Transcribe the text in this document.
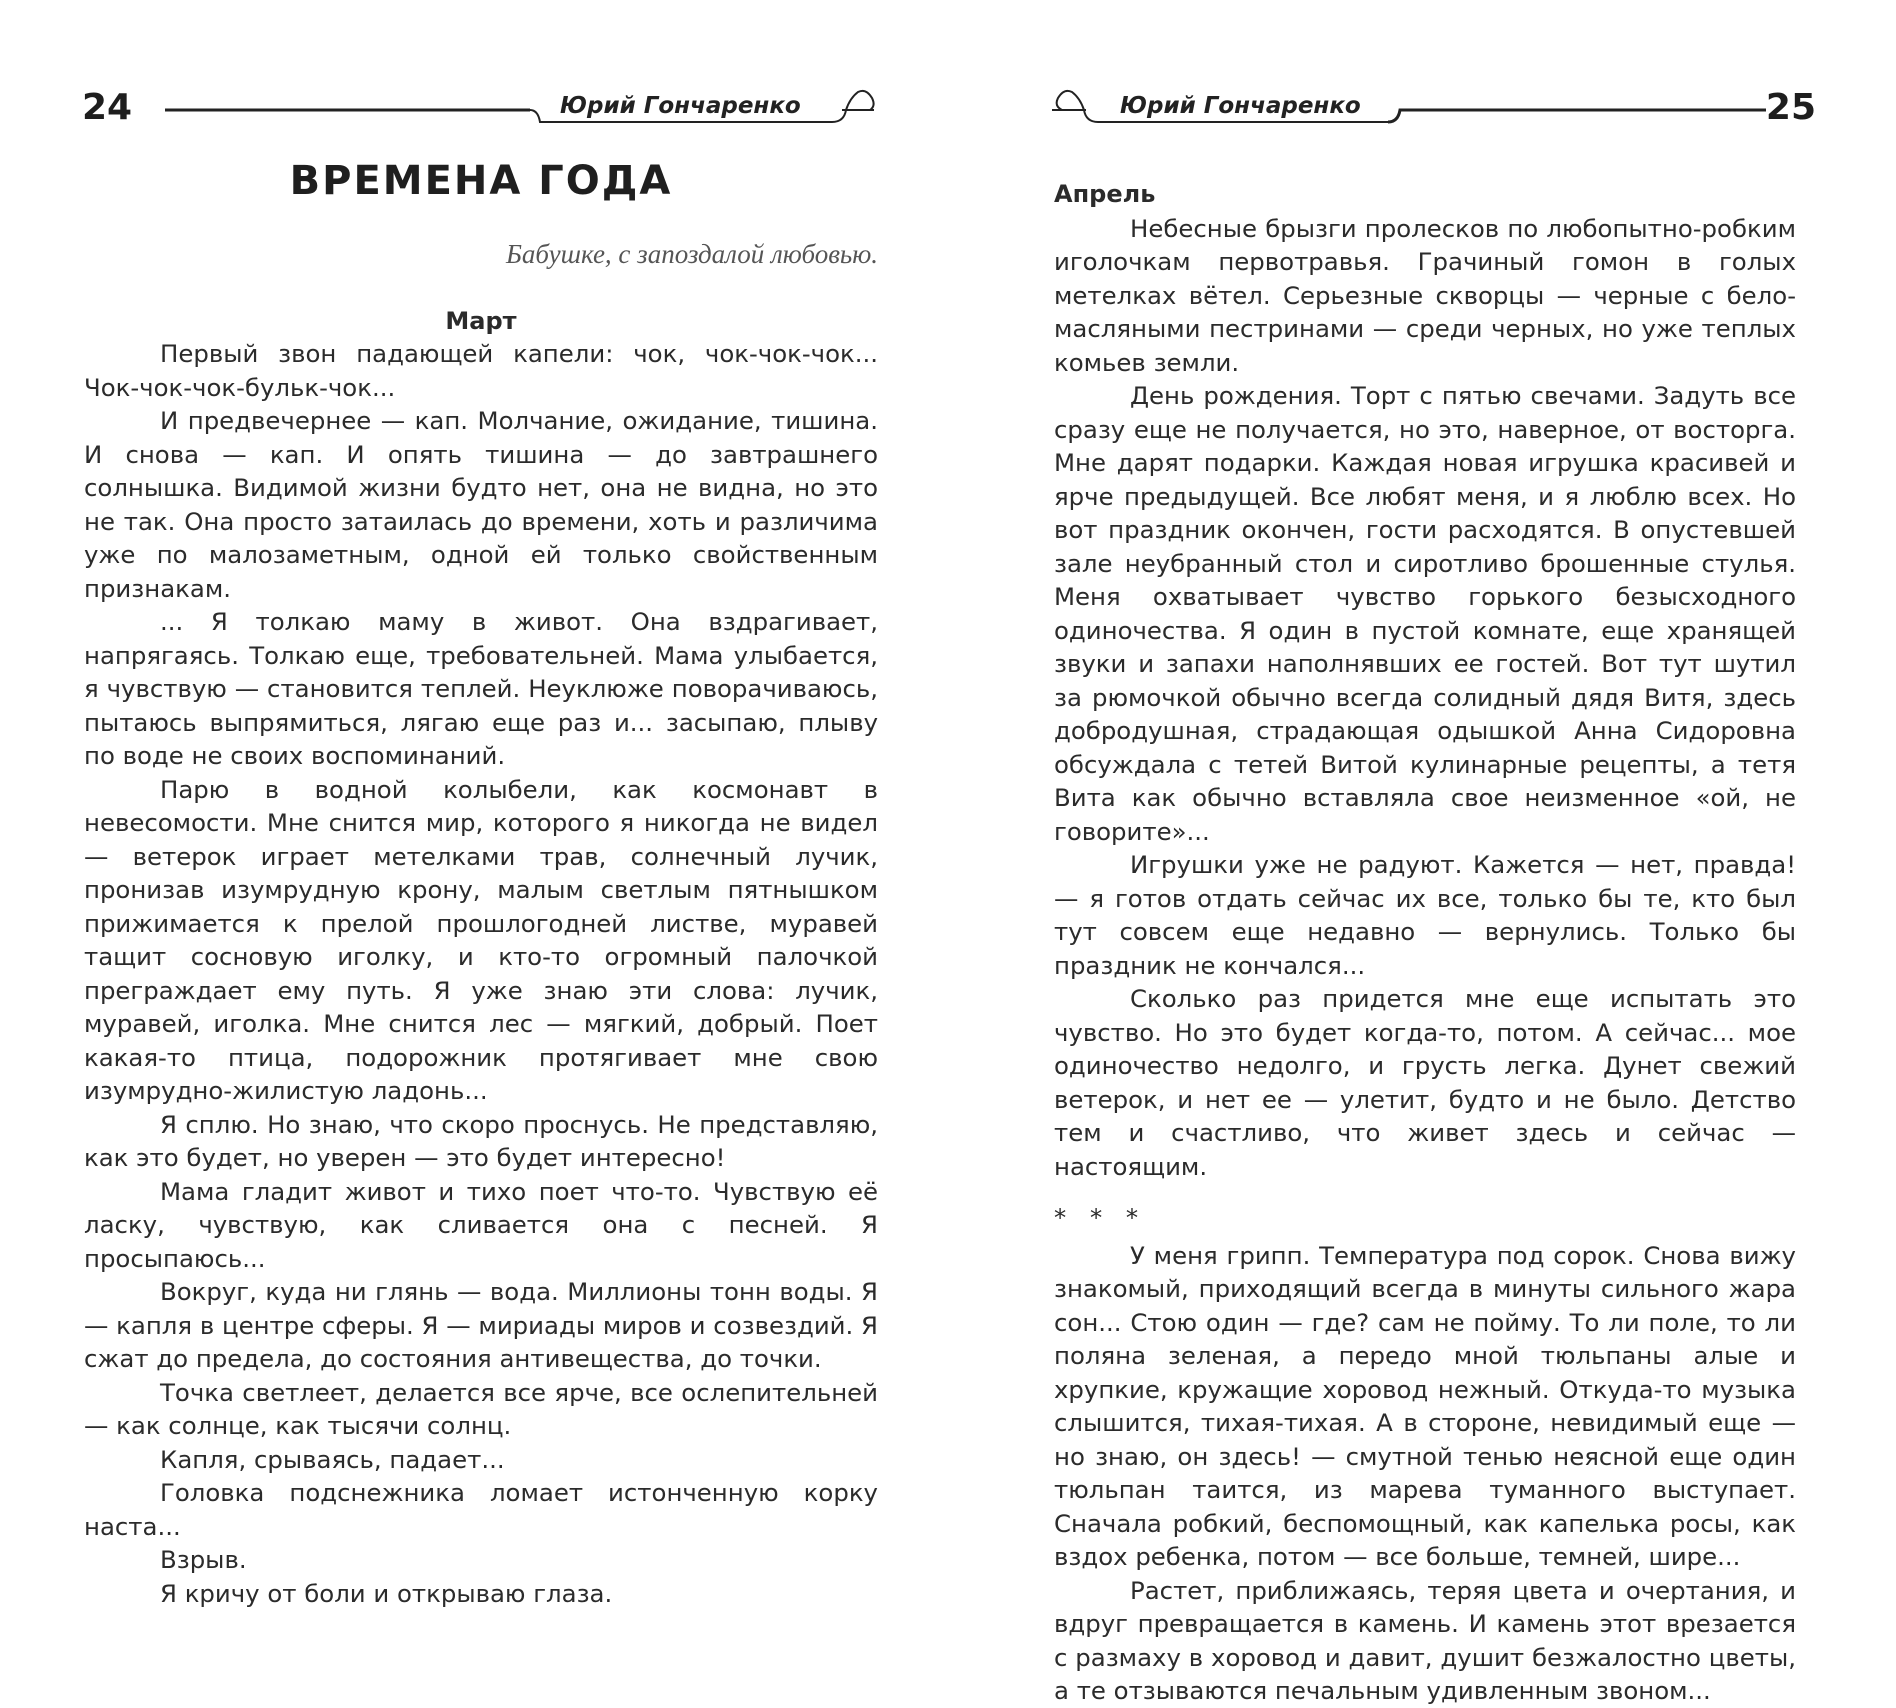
24	Юрий Гончаренко
ВРЕМЕНА ГОДА
Бабушке, с запоздалой любовью.
Март

Первый звон падающей капели: чок, чок-чок-чок... Чок-чок-чок-бульк-чок...

И предвечернее — кап. Молчание, ожидание, тишина. И снова — кап. И опять тишина — до завтрашнего солнышка. Видимой жизни будто нет, она не видна, но это не так. Она просто затаилась до времени, хоть и различима уже по малозаметным, одной ей только свойственным признакам.

... Я толкаю маму в живот. Она вздрагивает, напрягаясь. Толкаю еще, требовательней. Мама улыбается, я чувствую — становится теплей. Неуклюже поворачиваюсь, пытаюсь выпрямиться, лягаю еще раз и... засыпаю, плыву по воде не своих воспоминаний.

Парю в водной колыбели, как космонавт в невесомости. Мне снится мир, которого я никогда не видел — ветерок играет метелками трав, солнечный лучик, пронизав изумрудную крону, малым светлым пятнышком прижимается к прелой прошлогодней листве, муравей тащит сосновую иголку, и кто-то огромный палочкой преграждает ему путь. Я уже знаю эти слова: лучик, муравей, иголка. Мне снится лес — мягкий, добрый. Поет какая-то птица, подорожник протягивает мне свою изумрудно-жилистую ладонь...

Я сплю. Но знаю, что скоро проснусь. Не представляю, как это будет, но уверен — это будет интересно!

Мама гладит живот и тихо поет что-то. Чувствую её ласку, чувствую, как сливается она с песней. Я просыпаюсь...

Вокруг, куда ни глянь — вода. Миллионы тонн воды. Я — капля в центре сферы. Я — мириады миров и созвездий. Я сжат до предела, до состояния антивещества, до точки.

Точка светлеет, делается все ярче, все ослепительней — как солнце, как тысячи солнц.

Капля, срываясь, падает...

Головка подснежника ломает истонченную корку наста...

Взрыв.

Я кричу от боли и открываю глаза.

Юрий Гончаренко	25

Апрель

Небесные брызги пролесков по любопытно-робким иголочкам первотравья. Грачиный гомон в голых метелках вётел. Серьезные скворцы — черные с бело-масляными пестринами — среди черных, но уже теплых комьев земли.

День рождения. Торт с пятью свечами. Задуть все сразу еще не получается, но это, наверное, от восторга. Мне дарят подарки. Каждая новая игрушка красивей и ярче предыдущей. Все любят меня, и я люблю всех. Но вот праздник окончен, гости расходятся. В опустевшей зале неубранный стол и сиротливо брошенные стулья. Меня охватывает чувство горького безысходного одиночества. Я один в пустой комнате, еще хранящей звуки и запахи наполнявших ее гостей. Вот тут шутил за рюмочкой обычно всегда солидный дядя Витя, здесь добродушная, страдающая одышкой Анна Сидоровна обсуждала с тетей Витой кулинарные рецепты, а тетя Вита как обычно вставляла свое неизменное «ой, не говорите»...

Игрушки уже не радуют. Кажется — нет, правда! — я готов отдать сейчас их все, только бы те, кто был тут совсем еще недавно — вернулись. Только бы праздник не кончался...

Сколько раз придется мне еще испытать это чувство. Но это будет когда-то, потом. А сейчас... мое одиночество недолго, и грусть легка. Дунет свежий ветерок, и нет ее — улетит, будто и не было. Детство тем и счастливо, что живет здесь и сейчас — настоящим.

* * *

У меня грипп. Температура под сорок. Снова вижу знакомый, приходящий всегда в минуты сильного жара сон... Стою один — где? сам не пойму. То ли поле, то ли поляна зеленая, а передо мной тюльпаны алые и хрупкие, кружащие хоровод нежный. Откуда-то музыка слышится, тихая-тихая. А в стороне, невидимый еще — но знаю, он здесь! — смутной тенью неясной еще один тюльпан таится, из марева туманного выступает. Сначала робкий, беспомощный, как капелька росы, как вздох ребенка, потом — все больше, темней, шире...

Растет, приближаясь, теряя цвета и очертания, и вдруг превращается в камень. И камень этот врезается с размаху в хоровод и давит, душит безжалостно цветы, а те отзываются печальным удивленным звоном...
